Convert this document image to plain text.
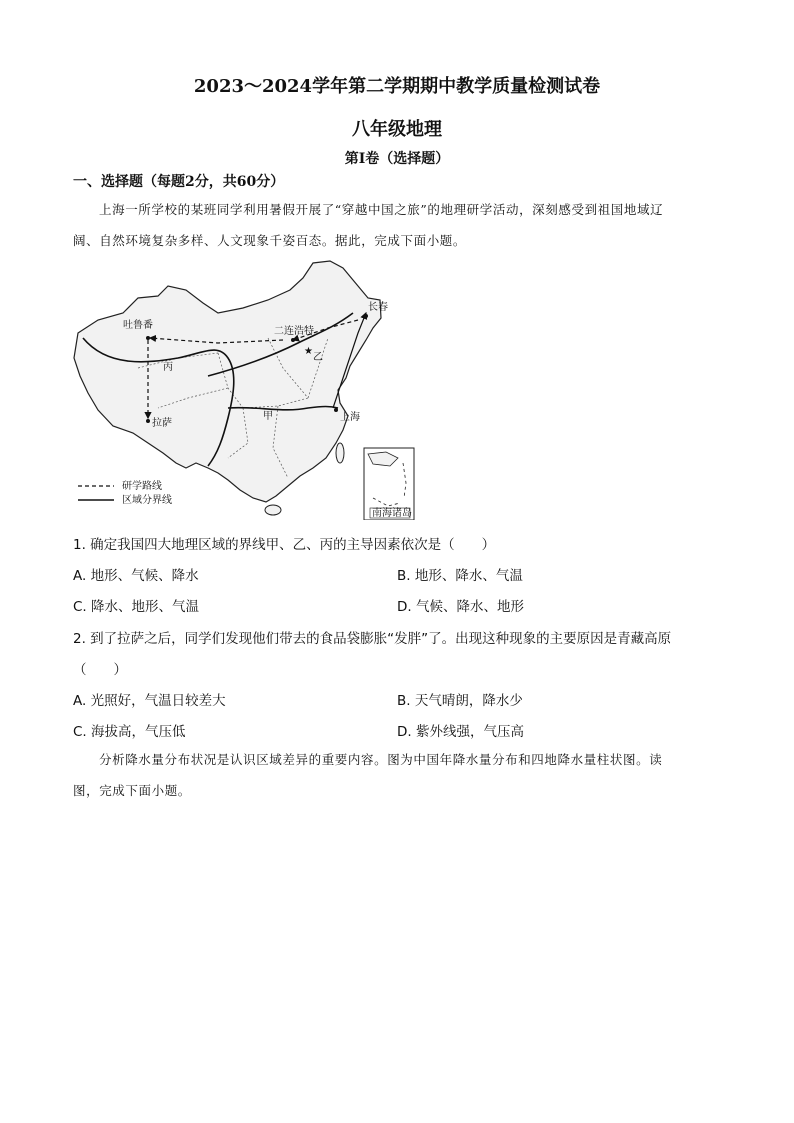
2023～2024学年第二学期期中教学质量检测试卷
八年级地理
第Ⅰ卷（选择题）
一、选择题（每题2分，共60分）
上海一所学校的某班同学利用暑假开展了“穿越中国之旅”的地理研学活动，深刻感受到祖国地域辽
阔、自然环境复杂多样、人文现象千姿百态。据此，完成下面小题。
★
吐鲁番
二连浩特
长春
拉萨
上海
丙
甲
乙
南海诸岛
研学路线
区域分界线
1. 确定我国四大地理区域的界线甲、乙、丙的主导因素依次是（　　）
A. 地形、气候、降水	B. 地形、降水、气温
C. 降水、地形、气温	D. 气候、降水、地形
2. 到了拉萨之后，同学们发现他们带去的食品袋膨胀“发胖”了。出现这种现象的主要原因是青藏高原
（　　）
A. 光照好，气温日较差大	B. 天气晴朗，降水少
C. 海拔高，气压低	D. 紫外线强，气压高
分析降水量分布状况是认识区域差异的重要内容。图为中国年降水量分布和四地降水量柱状图。读
图，完成下面小题。
